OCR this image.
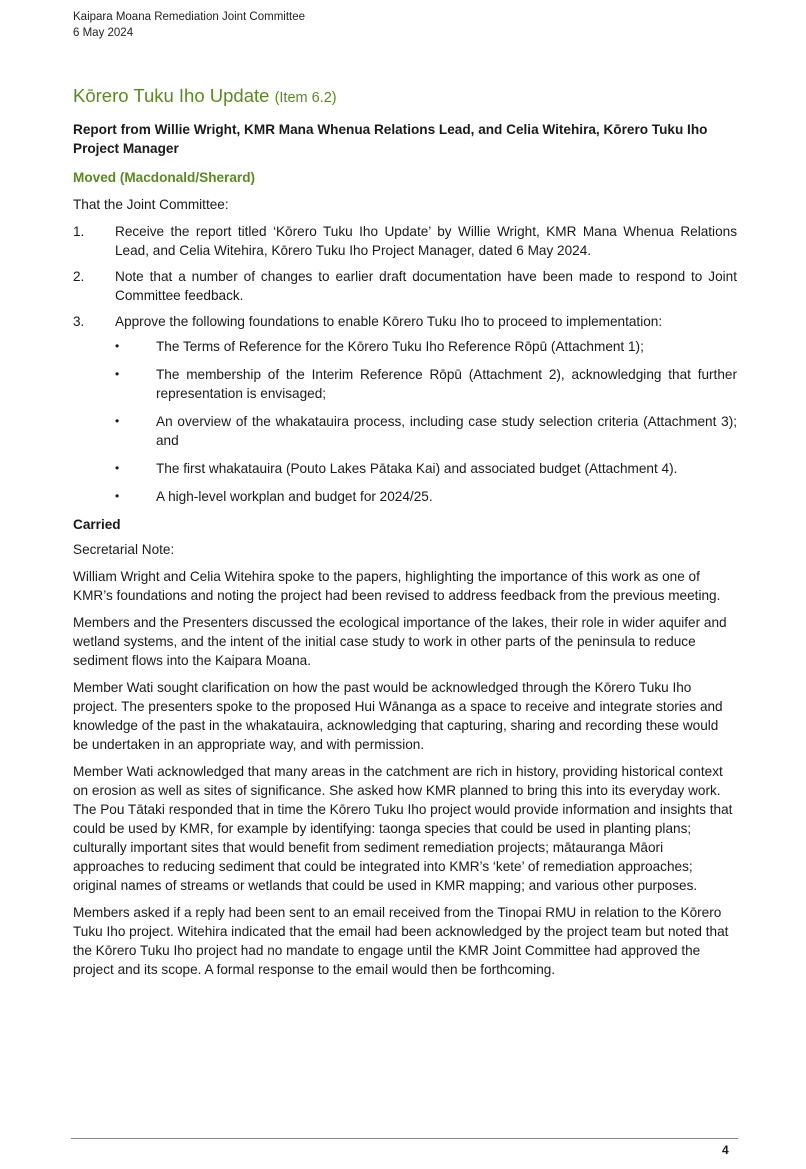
Kaipara Moana Remediation Joint Committee
6 May 2024
Kōrero Tuku Iho Update (Item 6.2)
Report from Willie Wright, KMR Mana Whenua Relations Lead, and Celia Witehira, Kōrero Tuku Iho Project Manager
Moved (Macdonald/Sherard)

That the Joint Committee:

1. Receive the report titled ‘Kōrero Tuku Iho Update’ by Willie Wright, KMR Mana Whenua Relations Lead, and Celia Witehira, Kōrero Tuku Iho Project Manager, dated 6 May 2024.
2. Note that a number of changes to earlier draft documentation have been made to respond to Joint Committee feedback.
3. Approve the following foundations to enable Kōrero Tuku Iho to proceed to implementation:
•	The Terms of Reference for the Kōrero Tuku Iho Reference Rōpū (Attachment 1);
•	The membership of the Interim Reference Rōpū (Attachment 2), acknowledging that further representation is envisaged;
•	An overview of the whakatauira process, including case study selection criteria (Attachment 3); and
•	The first whakatauira (Pouto Lakes Pātaka Kai) and associated budget (Attachment 4).
•	A high-level workplan and budget for 2024/25.
Carried

Secretarial Note:

William Wright and Celia Witehira spoke to the papers, highlighting the importance of this work as one of KMR’s foundations and noting the project had been revised to address feedback from the previous meeting.

Members and the Presenters discussed the ecological importance of the lakes, their role in wider aquifer and wetland systems, and the intent of the initial case study to work in other parts of the peninsula to reduce sediment flows into the Kaipara Moana.

Member Wati sought clarification on how the past would be acknowledged through the Kōrero Tuku Iho project. The presenters spoke to the proposed Hui Wānanga as a space to receive and integrate stories and knowledge of the past in the whakatauira, acknowledging that capturing, sharing and recording these would be undertaken in an appropriate way, and with permission.

Member Wati acknowledged that many areas in the catchment are rich in history, providing historical context on erosion as well as sites of significance. She asked how KMR planned to bring this into its everyday work. The Pou Tātaki responded that in time the Kōrero Tuku Iho project would provide information and insights that could be used by KMR, for example by identifying: taonga species that could be used in planting plans; culturally important sites that would benefit from sediment remediation projects; mātauranga Māori approaches to reducing sediment that could be integrated into KMR’s ‘kete’ of remediation approaches; original names of streams or wetlands that could be used in KMR mapping; and various other purposes.

Members asked if a reply had been sent to an email received from the Tinopai RMU in relation to the Kōrero Tuku Iho project. Witehira indicated that the email had been acknowledged by the project team but noted that the Kōrero Tuku Iho project had no mandate to engage until the KMR Joint Committee had approved the project and its scope. A formal response to the email would then be forthcoming.

4
